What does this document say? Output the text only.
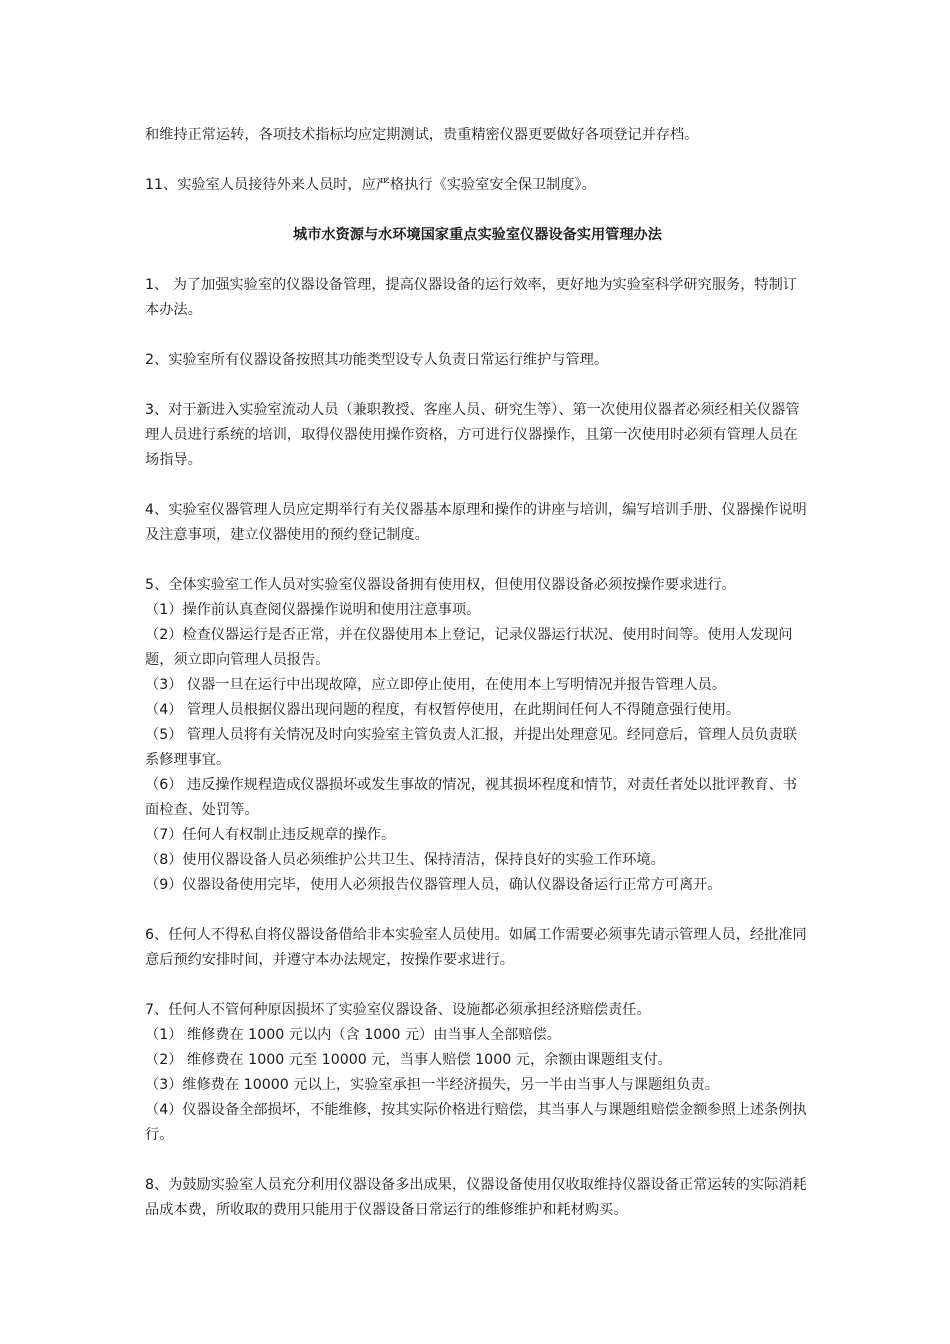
和维持正常运转，各项技术指标均应定期测试，贵重精密仪器更要做好各项登记并存档。

11、实验室人员接待外来人员时，应严格执行《实验室安全保卫制度》。

城市水资源与水环境国家重点实验室仪器设备实用管理办法

1、 为了加强实验室的仪器设备管理，提高仪器设备的运行效率，更好地为实验室科学研究服务，特制订本办法。

2、实验室所有仪器设备按照其功能类型设专人负责日常运行维护与管理。

3、对于新进入实验室流动人员（兼职教授、客座人员、研究生等）、第一次使用仪器者必须经相关仪器管理人员进行系统的培训，取得仪器使用操作资格，方可进行仪器操作，且第一次使用时必须有管理人员在场指导。

4、实验室仪器管理人员应定期举行有关仪器基本原理和操作的讲座与培训，编写培训手册、仪器操作说明及注意事项，建立仪器使用的预约登记制度。

5、全体实验室工作人员对实验室仪器设备拥有使用权，但使用仪器设备必须按操作要求进行。

（1）操作前认真查阅仪器操作说明和使用注意事项。

（2）检查仪器运行是否正常，并在仪器使用本上登记，记录仪器运行状况、使用时间等。使用人发现问题，须立即向管理人员报告。

（3） 仪器一旦在运行中出现故障，应立即停止使用，在使用本上写明情况并报告管理人员。

（4） 管理人员根据仪器出现问题的程度，有权暂停使用，在此期间任何人不得随意强行使用。

（5） 管理人员将有关情况及时向实验室主管负责人汇报，并提出处理意见。经同意后，管理人员负责联系修理事宜。

（6） 违反操作规程造成仪器损坏或发生事故的情况，视其损坏程度和情节，对责任者处以批评教育、书面检查、处罚等。

（7）任何人有权制止违反规章的操作。

（8）使用仪器设备人员必须维护公共卫生、保持清洁，保持良好的实验工作环境。

（9）仪器设备使用完毕，使用人必须报告仪器管理人员，确认仪器设备运行正常方可离开。

6、任何人不得私自将仪器设备借给非本实验室人员使用。如属工作需要必须事先请示管理人员，经批准同意后预约安排时间，并遵守本办法规定，按操作要求进行。

7、任何人不管何种原因损坏了实验室仪器设备、设施都必须承担经济赔偿责任。

（1） 维修费在 1000 元以内（含 1000 元）由当事人全部赔偿。

（2） 维修费在 1000 元至 10000 元，当事人赔偿 1000 元，余额由课题组支付。

（3）维修费在 10000 元以上，实验室承担一半经济损失，另一半由当事人与课题组负责。

（4）仪器设备全部损坏，不能维修，按其实际价格进行赔偿，其当事人与课题组赔偿金额参照上述条例执行。

8、为鼓励实验室人员充分利用仪器设备多出成果，仪器设备使用仅收取维持仪器设备正常运转的实际消耗品成本费，所收取的费用只能用于仪器设备日常运行的维修维护和耗材购买。
